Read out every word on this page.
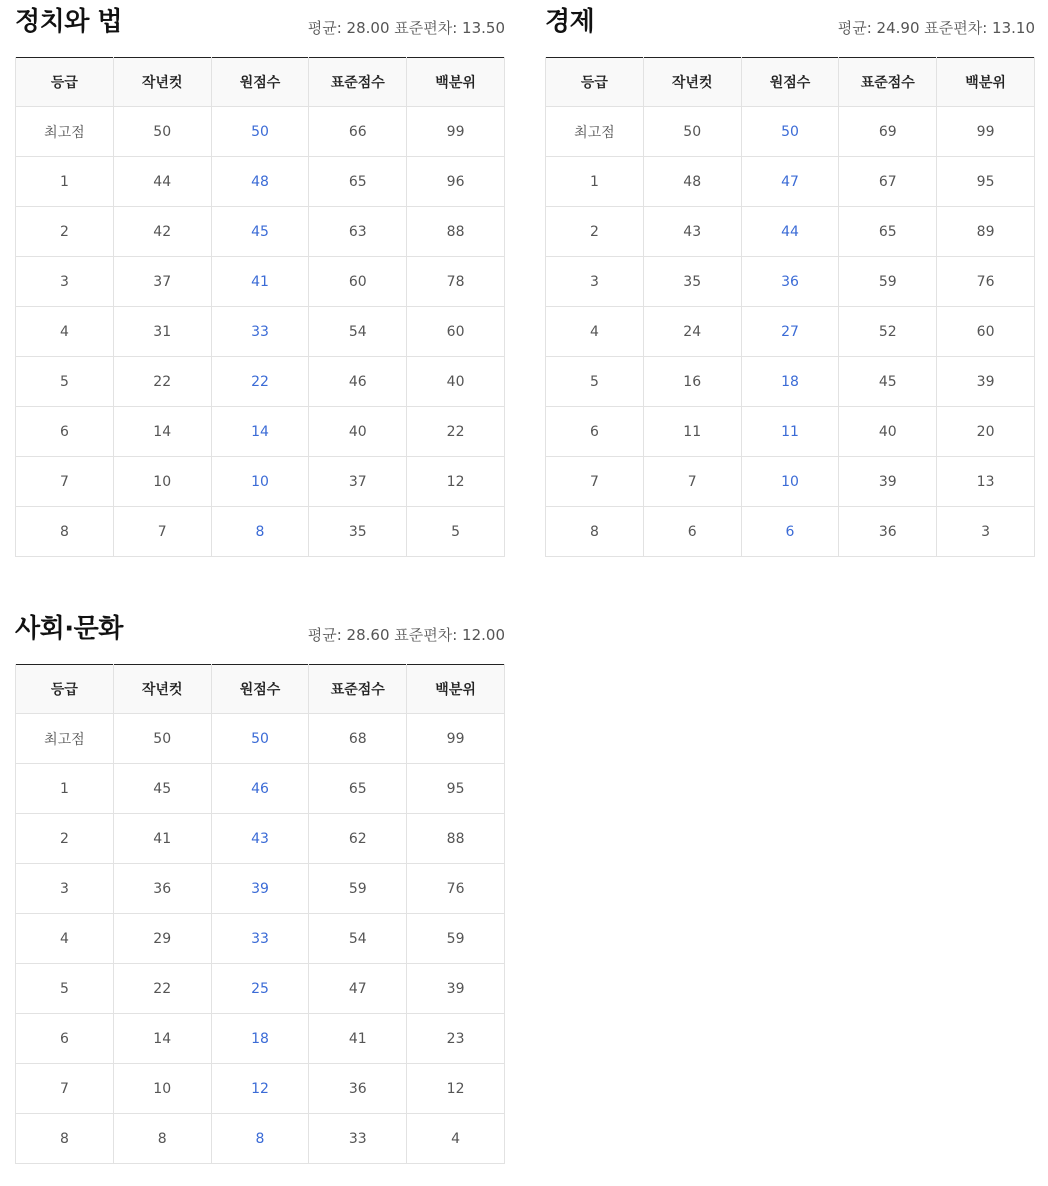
정치와 법	평균: 28.00 표준편차: 13.50
등급	작년컷	원점수	표준점수	백분위
최고점	50	50	66	99
1	44	48	65	96
2	42	45	63	88
3	37	41	60	78
4	31	33	54	60
5	22	22	46	40
6	14	14	40	22
7	10	10	37	12
8	7	8	35	5
경제	평균: 24.90 표준편차: 13.10
등급	작년컷	원점수	표준점수	백분위
최고점	50	50	69	99
1	48	47	67	95
2	43	44	65	89
3	35	36	59	76
4	24	27	52	60
5	16	18	45	39
6	11	11	40	20
7	7	10	39	13
8	6	6	36	3
사회·문화	평균: 28.60 표준편차: 12.00
등급	작년컷	원점수	표준점수	백분위
최고점	50	50	68	99
1	45	46	65	95
2	41	43	62	88
3	36	39	59	76
4	29	33	54	59
5	22	25	47	39
6	14	18	41	23
7	10	12	36	12
8	8	8	33	4
